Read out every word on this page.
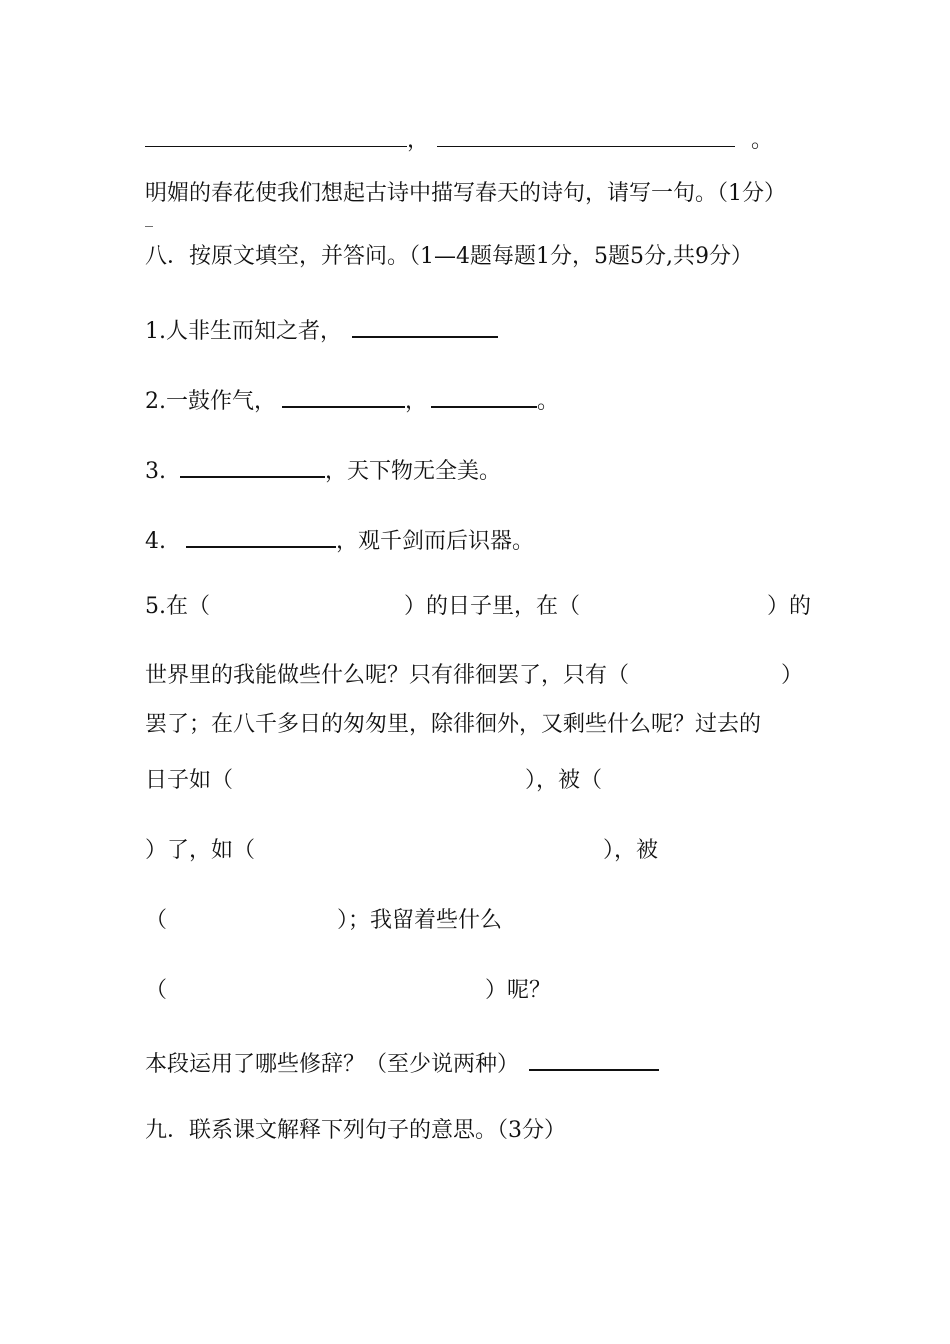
，	。
明媚的春花使我们想起古诗中描写春天的诗句，请写一句。（1分）
_
八．按原文填空，并答问。（1—4题每题1分，5题5分,共9分）
1.人非生而知之者，
2.一鼓作气，	，	。
3.	，天下物无全美。
4.	，观千剑而后识器。
5.在（	）的日子里，在（	）的
世界里的我能做些什么呢？只有徘徊罢了，只有（	）
罢了；在八千多日的匆匆里，除徘徊外，又剩些什么呢？过去的
日子如（	），被（
）了，如（	），被
（	）；我留着些什么
（	）呢？
本段运用了哪些修辞？（至少说两种）
九．联系课文解释下列句子的意思。（3分）
